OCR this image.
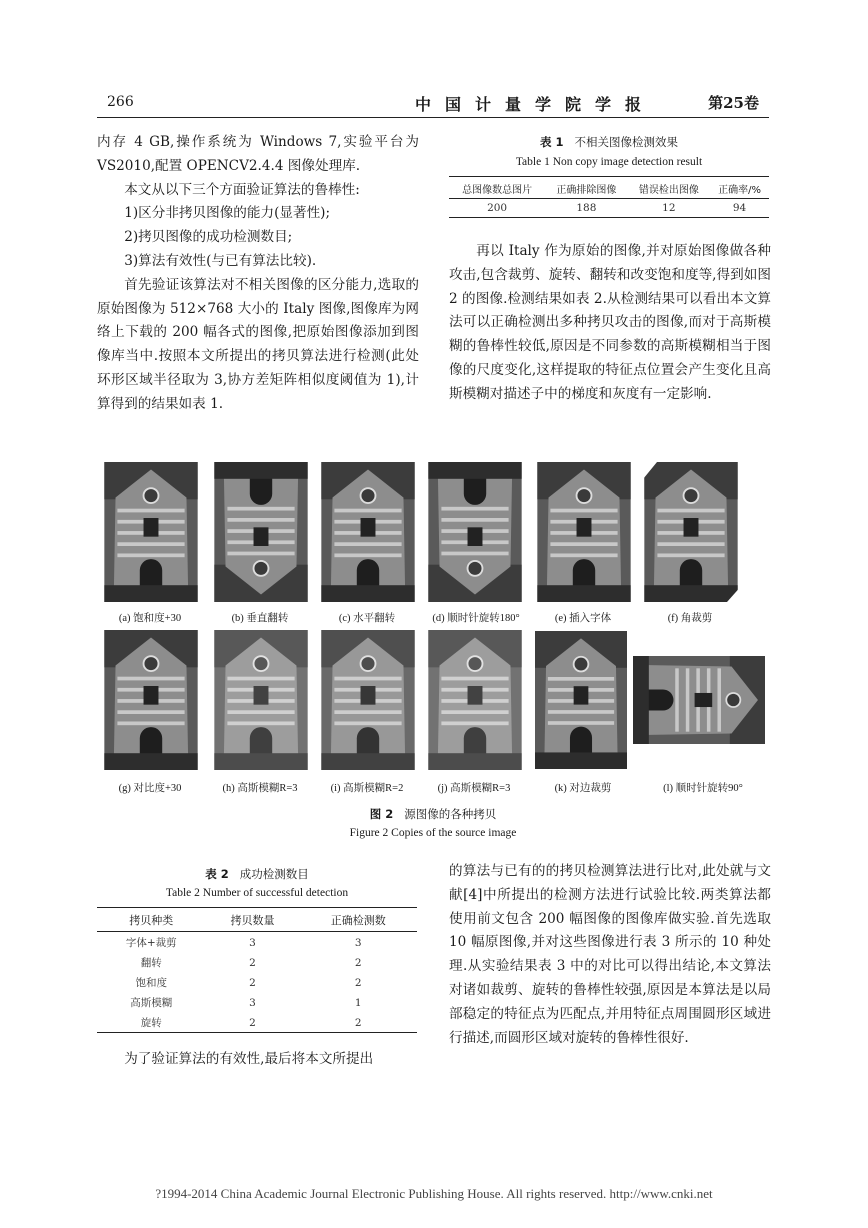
266	中国计量学院学报	第25卷

内存 4 GB,操作系统为 Windows 7,实验平台为 VS2010,配置 OPENCV2.4.4 图像处理库.

本文从以下三个方面验证算法的鲁棒性:

1)区分非拷贝图像的能力(显著性);

2)拷贝图像的成功检测数目;

3)算法有效性(与已有算法比较).

首先验证该算法对不相关图像的区分能力,选取的原始图像为 512×768 大小的 Italy 图像,图像库为网络上下载的 200 幅各式的图像,把原始图像添加到图像库当中.按照本文所提出的拷贝算法进行检测(此处环形区域半径取为 3,协方差矩阵相似度阈值为 1),计算得到的结果如表 1.

表 1 不相关图像检测效果
Table 1 Non copy image detection result
总图像数总图片	正确排除图像	错误检出图像	正确率/%
200	188	12	94
再以 Italy 作为原始的图像,并对原始图像做各种攻击,包含裁剪、旋转、翻转和改变饱和度等,得到如图 2 的图像.检测结果如表 2.从检测结果可以看出本文算法可以正确检测出多种拷贝攻击的图像,而对于高斯模糊的鲁棒性较低,原因是不同参数的高斯模糊相当于图像的尺度变化,这样提取的特征点位置会产生变化且高斯模糊对描述子中的梯度和灰度有一定影响.
(a) 饱和度+30	(b) 垂直翻转	(c) 水平翻转	(d) 顺时针旋转180°	(e) 插入字体	(f) 角裁剪
(g) 对比度+30	(h) 高斯模糊R=3	(i) 高斯模糊R=2	(j) 高斯模糊R=3	(k) 对边裁剪	(l) 顺时针旋转90°
图 2 源图像的各种拷贝
Figure 2 Copies of the source image
表 2 成功检测数目
Table 2 Number of successful detection
拷贝种类	拷贝数量	正确检测数
字体+裁剪	3	3
翻转	2	2
饱和度	2	2
高斯模糊	3	1
旋转	2	2
为了验证算法的有效性,最后将本文所提出
的算法与已有的的拷贝检测算法进行比对,此处就与文献[4]中所提出的检测方法进行试验比较.两类算法都使用前文包含 200 幅图像的图像库做实验.首先选取 10 幅原图像,并对这些图像进行表 3 所示的 10 种处理.从实验结果表 3 中的对比可以得出结论,本文算法对诸如裁剪、旋转的鲁棒性较强,原因是本算法是以局部稳定的特征点为匹配点,并用特征点周围圆形区域进行描述,而圆形区域对旋转的鲁棒性很好.
?1994-2014 China Academic Journal Electronic Publishing House. All rights reserved. http://www.cnki.net
